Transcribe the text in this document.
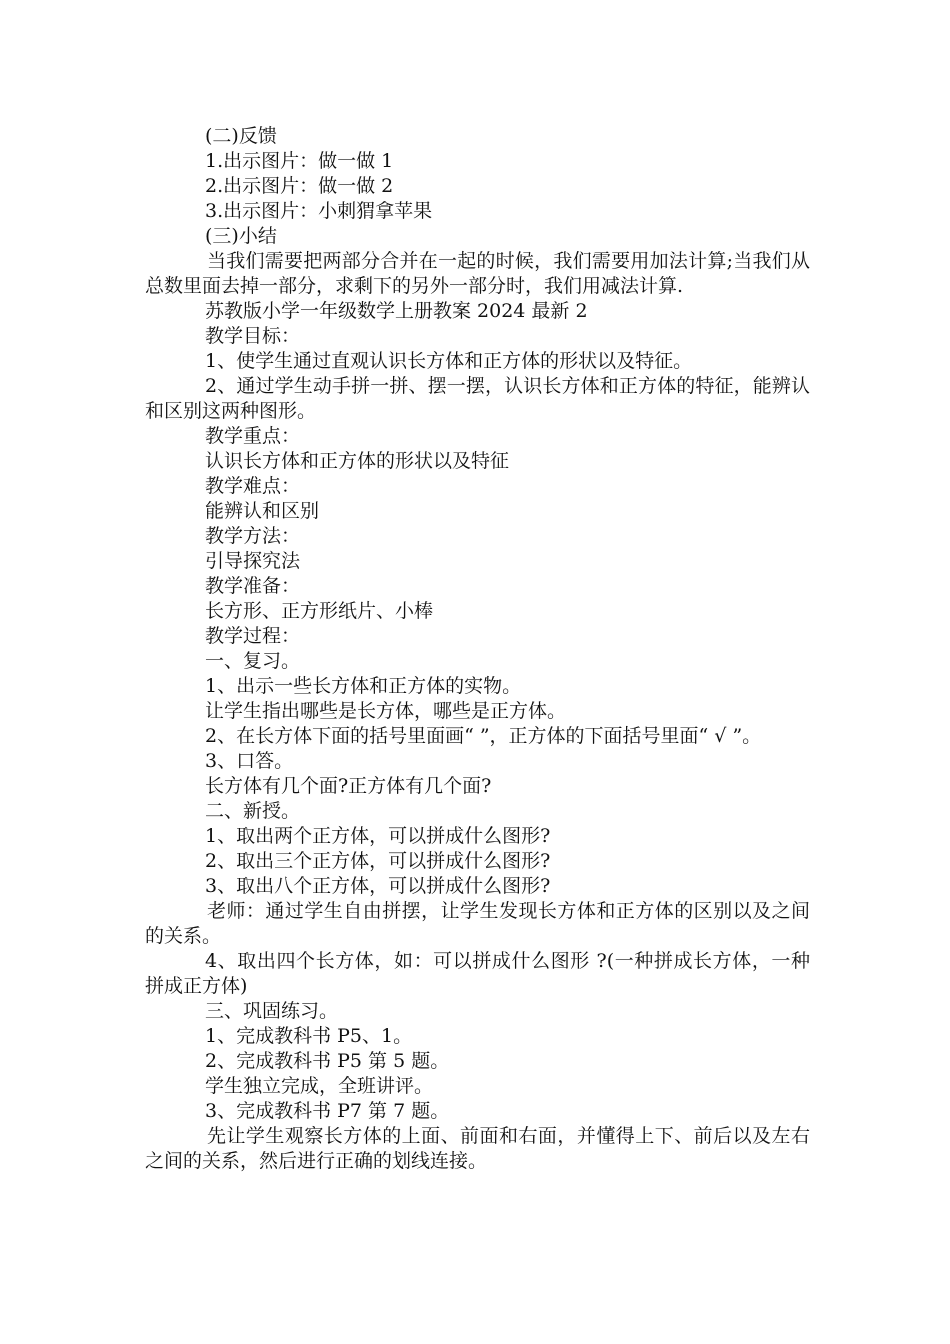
(二)反馈

1.出示图片：做一做 1

2.出示图片：做一做 2

3.出示图片：小刺猬拿苹果

(三)小结

当我们需要把两部分合并在一起的时候，我们需要用加法计算;当我们从总数里面去掉一部分，求剩下的另外一部分时，我们用减法计算.

苏教版小学一年级数学上册教案 2024 最新 2

教学目标：

1、使学生通过直观认识长方体和正方体的形状以及特征。

2、通过学生动手拼一拼、摆一摆，认识长方体和正方体的特征，能辨认和区别这两种图形。

教学重点：

认识长方体和正方体的形状以及特征

教学难点：

能辨认和区别

教学方法：

引导探究法

教学准备：

长方形、正方形纸片、小棒

教学过程：

一、复习。

1、出示一些长方体和正方体的实物。

让学生指出哪些是长方体，哪些是正方体。

2、在长方体下面的括号里面画“ ”，正方体的下面括号里面“ √ ”。

3、口答。

长方体有几个面?正方体有几个面?

二、新授。

1、取出两个正方体，可以拼成什么图形?

2、取出三个正方体，可以拼成什么图形?

3、取出八个正方体，可以拼成什么图形?

老师：通过学生自由拼摆，让学生发现长方体和正方体的区别以及之间的关系。

4、取出四个长方体，如：可以拼成什么图形 ?(一种拼成长方体，一种拼成正方体)

三、巩固练习。

1、完成教科书 P5、1。

2、完成教科书 P5 第 5 题。

学生独立完成，全班讲评。

3、完成教科书 P7 第 7 题。

先让学生观察长方体的上面、前面和右面，并懂得上下、前后以及左右之间的关系，然后进行正确的划线连接。
